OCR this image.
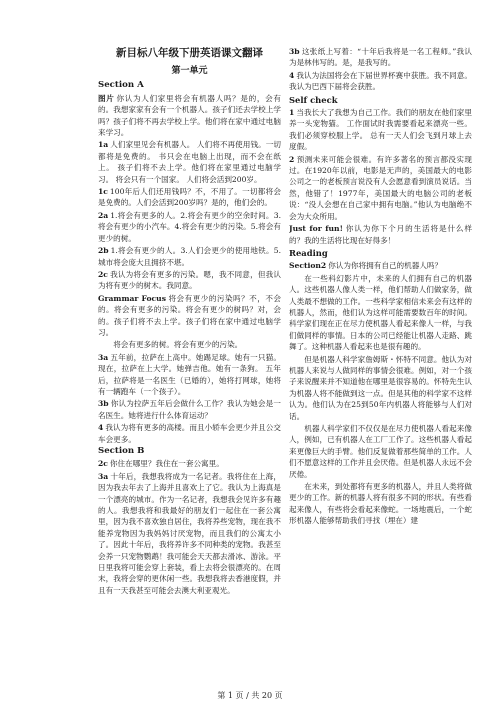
新目标八年级下册英语课文翻译
第一单元
Section A

图片 你认为人们家里将会有机器人吗？是的，会有的。我想家家有会有一个机器人。孩子们还去学校上学吗？孩子们将不再去学校上学。他们将在家中通过电脑来学习。

1a 人们家里见会有机器人。 人们将不再使用钱。一切都将是免费的。 书只会在电脑上出现，而不会在纸上。 孩子们将不去上学。他们将在家里通过电脑学习。 将会只有一个国家。 人们将会活到200岁。

1c 100年后人们还用钱吗？不，不用了。一切都将会是免费的。人们会活到200岁吗？是的，他们会的。

2a 1.将会有更多的人。2.将会有更少的空余时间。3.将会有更少的小汽车。4.将会有更少的污染。5.将会有更少的树。

2b 1.将会有更少的人。3.人们会更少的使用地铁。5.城市将会庞大且拥挤不堪。

2c 我认为将会有更多的污染。嗯，我不同意，但我认为将有更少的树木。我同意。

Grammar Focus 将会有更少的污染吗？不，不会的。将会有更多的污染。将会有更少的树吗？对，会的。孩子们将不去上学。孩子们将在家中通过电脑学习。

将会有更多的树。将会有更少的污染。

3a 五年前，拉萨在上高中。她踢足球。她有一只猫。 现在，拉萨在上大学。她弹吉他。她有一条狗。 五年后，拉萨将是一名医生（已婚的），她将打网球，她将有一辆跑车（一个孩子）。

3b 你认为拉萨五年后会做什么工作？我认为她会是一名医生。她将进行什么体育运动？

4 我认为将有更多的高楼。而且小轿车会更少并且公交车会更多。

Section B

2c 你住在哪里？我住在一套公寓里。

3a 十年后，我想我将成为一名记者。我将住在上海，因为我去年去了上海并且喜欢上了它。我认为上海真是一个漂亮的城市。作为一名记者，我想我会见许多有趣的人。我想我将和我最好的朋友们一起住在一套公寓里，因为我不喜欢独自居住，我将养些宠物，现在我不能养宠物因为我妈妈讨厌宠物，而且我们的公寓太小了。因此十年后，我将养许多不同种类的宠物。我甚至会养一只宠物鹦鹉！我可能会天天都去滑冰、游泳。平日里我将可能会穿上套装，看上去将会很漂亮的。在周末，我将会穿的更休闲一些。我想我将去香港度假，并且有一天我甚至可能会去澳大利亚观光。

3b 这张纸上写着：“十年后我将是一名工程师。”我认为是林伟写的。是，是我写的。

4 我认为法国将会在下届世界杯赛中获胜。我不同意。我认为巴西下届将会获胜。

Self check

1 当我长大了我想为自己工作。我们的朋友在他们家里养一头宠物猫。 工作面试时我需要看起来漂亮一些。 我们必须穿校服上学。 总有一天人们会飞到月球上去度假。

2 预测未来可能会很难。有许多著名的预言都没实现过。在1920年以前，电影是无声的，美国最大的电影公司之一的老板预言说没有人会愿意看到演员说话。当然，他错了！1977年，美国最大的电脑公司的老板说：“没人会想在自己家中拥有电脑。”他认为电脑绝不会为大众所用。

Just for fun! 你认为你下个月的生活将是什么样的？我的生活将比现在好得多！

Reading

Section2 你认为你将拥有自己的机器人吗？

在一些科幻影片中，未来的人们拥有自己的机器人。这些机器人像人类一样，他们帮助人们做家务，做人类最不想做的工作。一些科学家相信未来会有这样的机器人，然而，他们认为这样可能需要数百年的时间。科学家们现在正在尽力使机器人看起来像人一样，与我们做同样的事情。日本的公司已经能让机器人走路、跳舞了。这种机器人看起来也是很有趣的。

但是机器人科学家詹姆斯・怀特不同意。他认为对机器人来说与人做同样的事情会很难。例如，对一个孩子来说醒来并不知道他在哪里是很容易的。怀特先生认为机器人将不能做到这一点。但是其他的科学家不这样认为。他们认为在25到50年内机器人将能够与人们对话。

机器人科学家们不仅仅是在尽力使机器人看起来像人，例如，已有机器人在工厂工作了。这些机器人看起来更像巨大的手臂。他们反复做着那些简单的工作。人们不愿意这样的工作并且会厌倦。但是机器人永远不会厌倦。

在未来，到处都将有更多的机器人，并且人类将做更少的工作。新的机器人将有很多不同的形状。有些看起来像人，有些将会看起来像蛇。一场地震后，一个蛇形机器人能够帮助我们寻找（埋在）建

第 1 页 / 共 20 页
